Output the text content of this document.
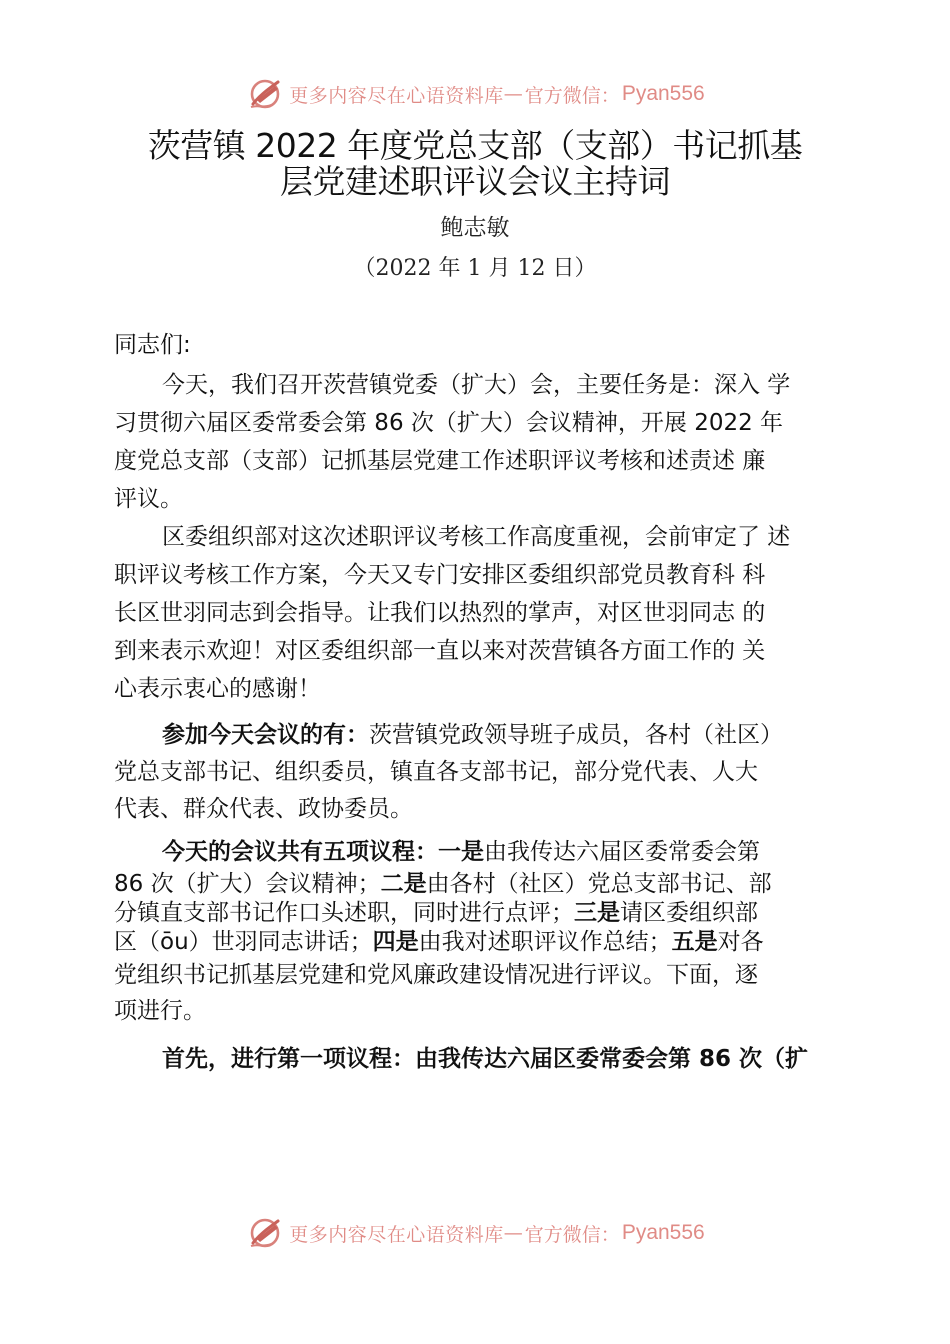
更多内容尽在心语资料库 — 官方微信： Pyan556
茨营镇 2022 年度党总支部（支部）书记抓基
层党建述职评议会议主持词
鲍志敏
（2022 年 1 月 12 日）
同志们:
今天，我们召开茨营镇党委（扩大）会，主要任务是：深入 学
习贯彻六届区委常委会第 86 次（扩大）会议精神，开展 2022 年
度党总支部（支部）记抓基层党建工作述职评议考核和述责述 廉
评议。
区委组织部对这次述职评议考核工作高度重视，会前审定了 述
职评议考核工作方案，今天又专门安排区委组织部党员教育科 科
长区世羽同志到会指导。让我们以热烈的掌声，对区世羽同志 的
到来表示欢迎！对区委组织部一直以来对茨营镇各方面工作的 关
心表示衷心的感谢！
参加今天会议的有：茨营镇党政领导班子成员，各村（社区）
党总支部书记、组织委员，镇直各支部书记，部分党代表、人大
代表、群众代表、政协委员。
今天的会议共有五项议程：一是由我传达六届区委常委会第
86 次（扩大）会议精神；二是由各村（社区）党总支部书记、部
分镇直支部书记作口头述职，同时进行点评；三是请区委组织部
区（ōu）世羽同志讲话；四是由我对述职评议作总结；五是对各
党组织书记抓基层党建和党风廉政建设情况进行评议。下面，逐
项进行。
首先，进行第一项议程：由我传达六届区委常委会第 86 次（扩
更多内容尽在心语资料库 — 官方微信： Pyan556
